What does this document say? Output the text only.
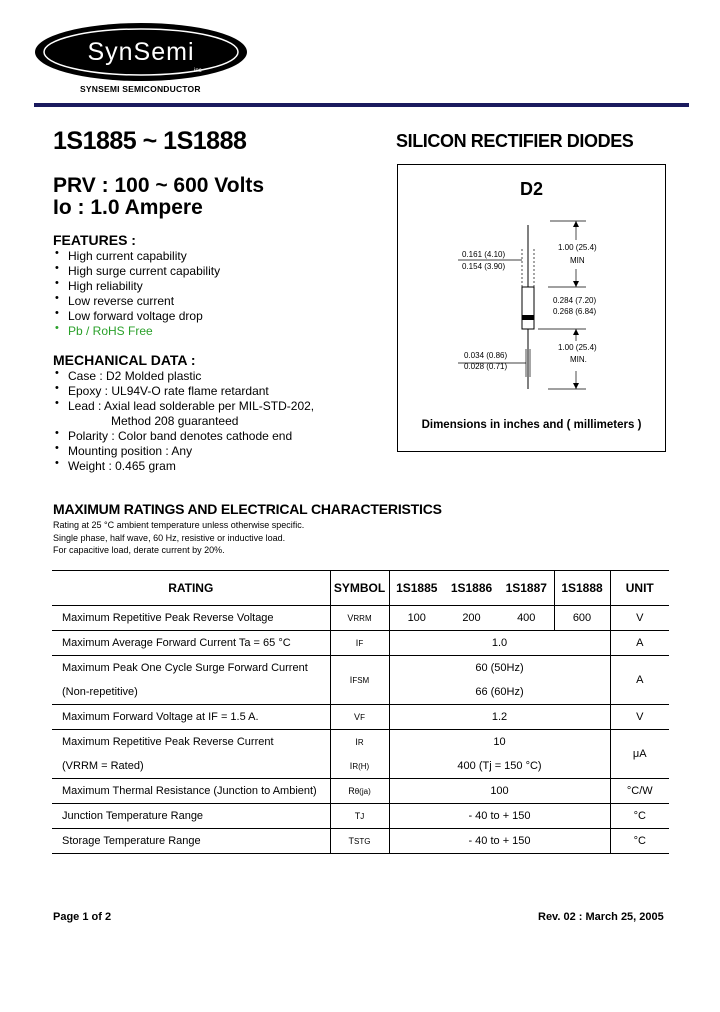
SynSemi
inc
SYNSEMI SEMICONDUCTOR
1S1885 ~ 1S1888	SILICON RECTIFIER DIODES
PRV : 100 ~ 600 Volts
Io : 1.0 Ampere
FEATURES :
• High current capability
• High surge current capability
• High reliability
• Low reverse current
• Low forward voltage drop
• Pb / RoHS Free
MECHANICAL DATA :
• Case : D2 Molded plastic
• Epoxy : UL94V-O rate flame retardant
• Lead : Axial lead solderable per MIL-STD-202,
Method 208 guaranteed
• Polarity : Color band denotes cathode end
• Mounting position : Any
• Weight : 0.465 gram
D2
0.161 (4.10)
0.154 (3.90)
1.00 (25.4)
MIN
0.284 (7.20)
0.268 (6.84)
0.034 (0.86)
0.028 (0.71)
1.00 (25.4)
MIN.
Dimensions in inches and ( millimeters )
MAXIMUM RATINGS AND ELECTRICAL CHARACTERISTICS
Rating at 25 °C ambient temperature unless otherwise specific.
Single phase, half wave, 60 Hz, resistive or inductive load.
For capacitive load, derate current by 20%.
RATING	SYMBOL	1S1885	1S1886	1S1887	1S1888	UNIT
Maximum Repetitive Peak Reverse Voltage	VRRM	100	200	400	600	V
Maximum Average Forward Current Ta = 65 °C	IF	1.0				A
Maximum Peak One Cycle Surge Forward Current	IFSM	60 (50Hz)				A
(Non-repetitive)		66 (60Hz)				
Maximum Forward Voltage at IF = 1.5 A.	VF	1.2				V
Maximum Repetitive Peak Reverse Current	IR	10				μA
(VRRM = Rated)	IR(H)	400 (Tj = 150 °C)				
Maximum Thermal Resistance (Junction to Ambient)	Rθ(ja)	100				°C/W
Junction Temperature Range	TJ	- 40 to + 150				°C
Storage Temperature Range	TSTG	- 40 to + 150				°C
Page 1 of 2	Rev. 02 : March 25, 2005
